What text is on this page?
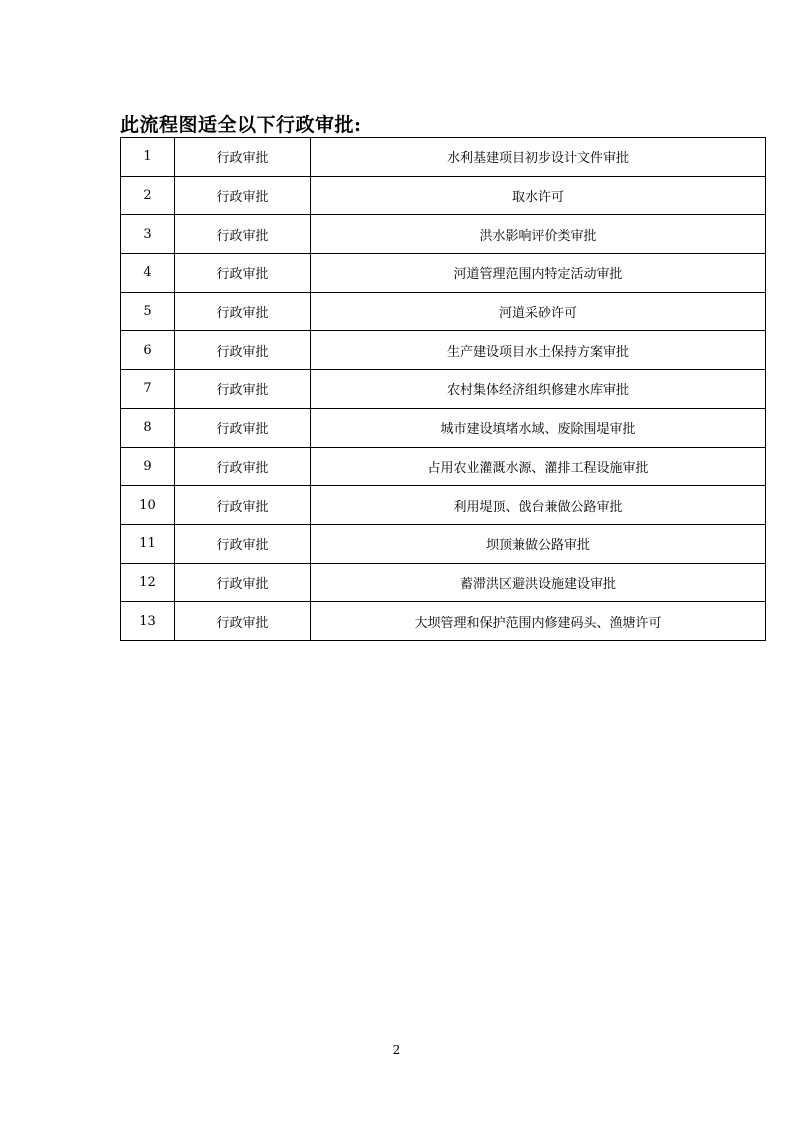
此流程图适全以下行政审批:
1	行政审批	水利基建项目初步设计文件审批
2	行政审批	取水许可
3	行政审批	洪水影响评价类审批
4	行政审批	河道管理范围内特定活动审批
5	行政审批	河道采砂许可
6	行政审批	生产建设项目水土保持方案审批
7	行政审批	农村集体经济组织修建水库审批
8	行政审批	城市建设填堵水域、废除围堤审批
9	行政审批	占用农业灌溉水源、灌排工程设施审批
10	行政审批	利用堤顶、戗台兼做公路审批
11	行政审批	坝顶兼做公路审批
12	行政审批	蓄滞洪区避洪设施建设审批
13	行政审批	大坝管理和保护范围内修建码头、渔塘许可
2
